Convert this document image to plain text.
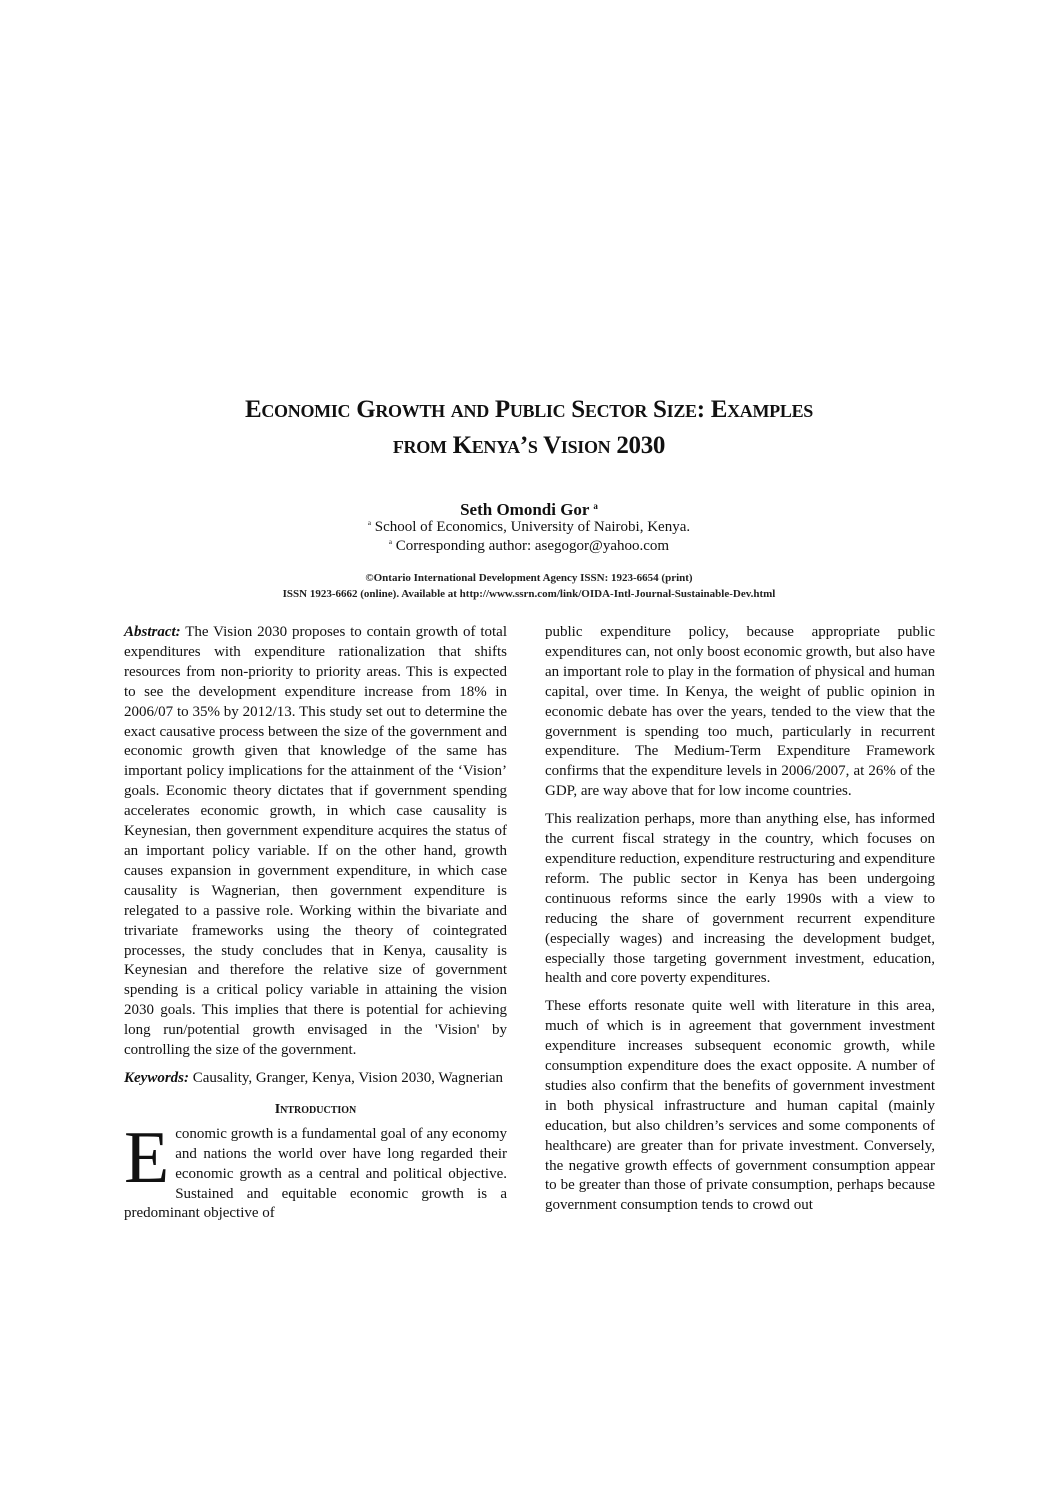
Economic Growth and Public Sector Size: Examples
from Kenya’s Vision 2030
Seth Omondi Gor $^a$
$^a$ School of Economics, University of Nairobi, Kenya.
$^a$ Corresponding author: asegogor@yahoo.com
©Ontario International Development Agency ISSN: 1923-6654 (print)
ISSN 1923-6662 (online). Available at http://www.ssrn.com/link/OIDA-Intl-Journal-Sustainable-Dev.html

Abstract: The Vision 2030 proposes to contain growth of total expenditures with expenditure rationalization that shifts resources from non-priority to priority areas. This is expected to see the development expenditure increase from 18% in 2006/07 to 35% by 2012/13. This study set out to determine the exact causative process between the size of the government and economic growth given that knowledge of the same has important policy implications for the attainment of the ‘Vision’ goals. Economic theory dictates that if government spending accelerates economic growth, in which case causality is Keynesian, then government expenditure acquires the status of an important policy variable. If on the other hand, growth causes expansion in government expenditure, in which case causality is Wagnerian, then government expenditure is relegated to a passive role. Working within the bivariate and trivariate frameworks using the theory of cointegrated processes, the study concludes that in Kenya, causality is Keynesian and therefore the relative size of government spending is a critical policy variable in attaining the vision 2030 goals. This implies that there is potential for achieving long run/potential growth envisaged in the 'Vision' by controlling the size of the government.

Keywords: Causality, Granger, Kenya, Vision 2030, Wagnerian

Introduction

Economic growth is a fundamental goal of any economy and nations the world over have long regarded their economic growth as a central and political objective. Sustained and equitable economic growth is a predominant objective of

public expenditure policy, because appropriate public expenditures can, not only boost economic growth, but also have an important role to play in the formation of physical and human capital, over time. In Kenya, the weight of public opinion in economic debate has over the years, tended to the view that the government is spending too much, particularly in recurrent expenditure. The Medium-Term Expenditure Framework confirms that the expenditure levels in 2006/2007, at 26% of the GDP, are way above that for low income countries.

This realization perhaps, more than anything else, has informed the current fiscal strategy in the country, which focuses on expenditure reduction, expenditure restructuring and expenditure reform. The public sector in Kenya has been undergoing continuous reforms since the early 1990s with a view to reducing the share of government recurrent expenditure (especially wages) and increasing the development budget, especially those targeting government investment, education, health and core poverty expenditures.

These efforts resonate quite well with literature in this area, much of which is in agreement that government investment expenditure increases subsequent economic growth, while consumption expenditure does the exact opposite. A number of studies also confirm that the benefits of government investment in both physical infrastructure and human capital (mainly education, but also children’s services and some components of healthcare) are greater than for private investment. Conversely, the negative growth effects of government consumption appear to be greater than those of private consumption, perhaps because government consumption tends to crowd out
